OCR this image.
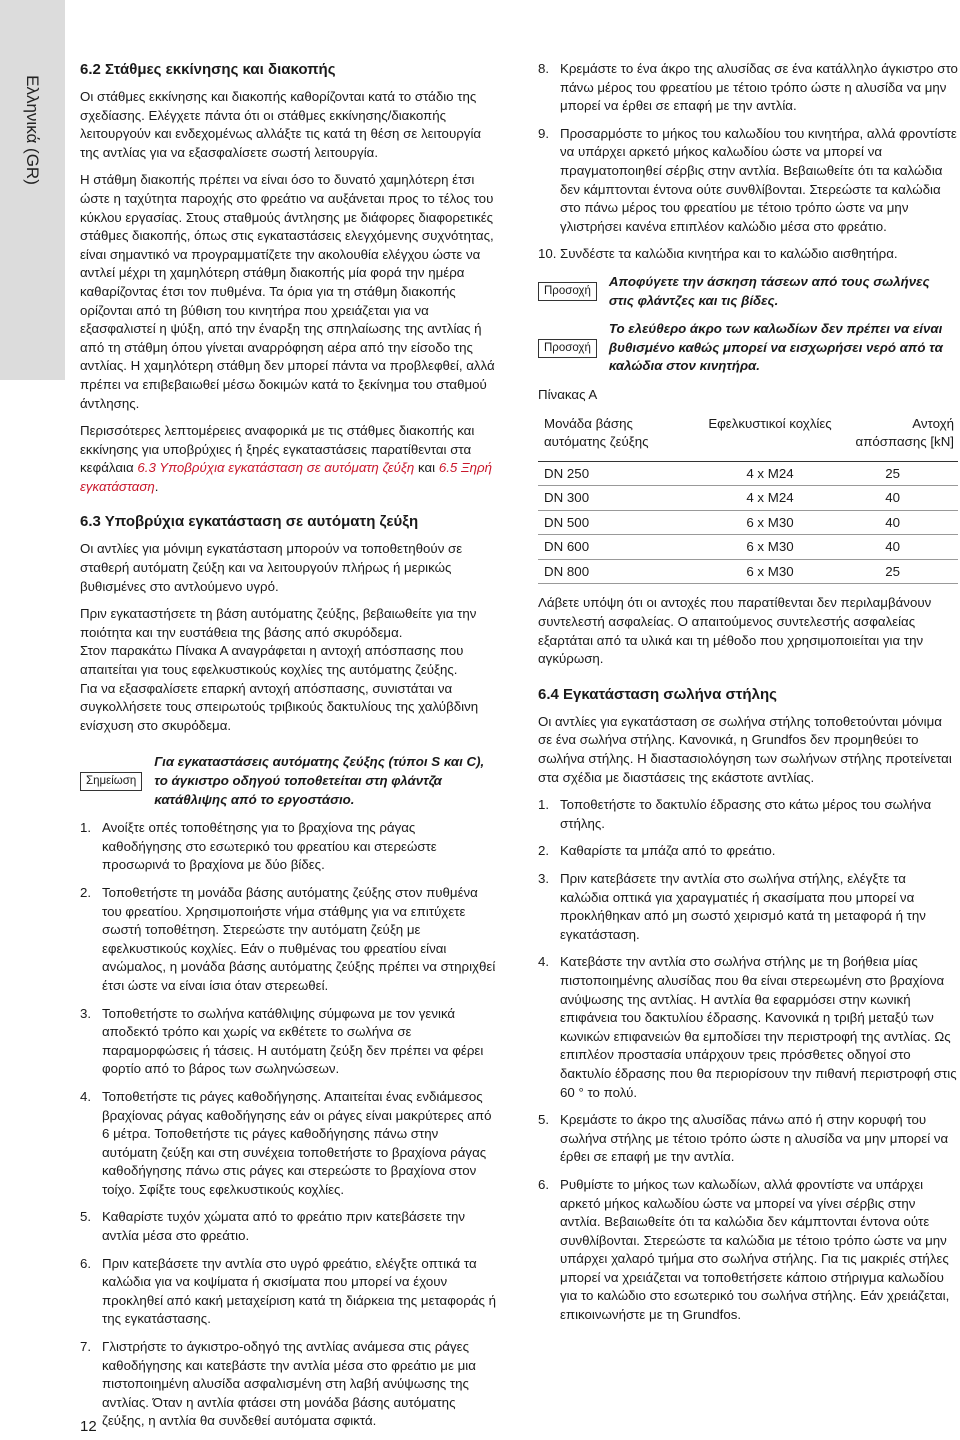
Ελληνικά (GR)
6.2 Στάθμες εκκίνησης και διακοπής

Οι στάθμες εκκίνησης και διακοπής καθορίζονται κατά το στάδιο της σχεδίασης. Ελέγχετε πάντα ότι οι στάθμες εκκίνησης/διακοπής λειτουργούν και ενδεχομένως αλλάξτε τις κατά τη θέση σε λειτουργία της αντλίας για να εξασφαλίσετε σωστή λειτουργία.

Η στάθμη διακοπής πρέπει να είναι όσο το δυνατό χαμηλότερη έτσι ώστε η ταχύτητα παροχής στο φρεάτιο να αυξάνεται προς το τέλος του κύκλου εργασίας. Στους σταθμούς άντλησης με διάφορες διαφορετικές στάθμες διακοπής, όπως στις εγκαταστάσεις ελεγχόμενης συχνότητας, είναι σημαντικό να προγραμματίζετε την ακολουθία ελέγχου ώστε να αντλεί μέχρι τη χαμηλότερη στάθμη διακοπής μία φορά την ημέρα καθαρίζοντας έτσι τον πυθμένα. Τα όρια για τη στάθμη διακοπής ορίζονται από τη βύθιση του κινητήρα που χρειάζεται για να εξασφαλιστεί η ψύξη, από την έναρξη της σπηλαίωσης της αντλίας ή από τη στάθμη όπου γίνεται αναρρόφηση αέρα από την είσοδο της αντλίας. Η χαμηλότερη στάθμη δεν μπορεί πάντα να προβλεφθεί, αλλά πρέπει να επιβεβαιωθεί μέσω δοκιμών κατά το ξεκίνημα του σταθμού άντλησης.

Περισσότερες λεπτομέρειες αναφορικά με τις στάθμες διακοπής και εκκίνησης για υποβρύχιες ή ξηρές εγκαταστάσεις παρατίθενται στα κεφάλαια 6.3 Υποβρύχια εγκατάσταση σε αυτόματη ζεύξη και 6.5 Ξηρή εγκατάσταση.

6.3 Υποβρύχια εγκατάσταση σε αυτόματη ζεύξη

Οι αντλίες για μόνιμη εγκατάσταση μπορούν να τοποθετηθούν σε σταθερή αυτόματη ζεύξη και να λειτουργούν πλήρως ή μερικώς βυθισμένες στο αντλούμενο υγρό.

Πριν εγκαταστήσετε τη βάση αυτόματης ζεύξης, βεβαιωθείτε για την ποιότητα και την ευστάθεια της βάσης από σκυρόδεμα.

Στον παρακάτω Πίνακα Α αναγράφεται η αντοχή απόσπασης που απαιτείται για τους εφελκυστικούς κοχλίες της αυτόματης ζεύξης.

Για να εξασφαλίσετε επαρκή αντοχή απόσπασης, συνιστάται να συγκολλήσετε τους σπειρωτούς τριβικούς δακτυλίους της χαλύβδινη ενίσχυση στο σκυρόδεμα.

Σημείωση
Για εγκαταστάσεις αυτόματης ζεύξης (τύποι S και C), το άγκιστρο οδηγού τοποθετείται στη φλάντζα κατάθλιψης από το εργοστάσιο.
1. Ανοίξτε οπές τοποθέτησης για το βραχίονα της ράγας καθοδήγησης στο εσωτερικό του φρεατίου και στερεώστε προσωρινά το βραχίονα με δύο βίδες.
2. Τοποθετήστε τη μονάδα βάσης αυτόματης ζεύξης στον πυθμένα του φρεατίου. Χρησιμοποιήστε νήμα στάθμης για να επιτύχετε σωστή τοποθέτηση. Στερεώστε την αυτόματη ζεύξη με εφελκυστικούς κοχλίες. Εάν ο πυθμένας του φρεατίου είναι ανώμαλος, η μονάδα βάσης αυτόματης ζεύξης πρέπει να στηριχθεί έτσι ώστε να είναι ίσια όταν στερεωθεί.
3. Τοποθετήστε το σωλήνα κατάθλιψης σύμφωνα με τον γενικά αποδεκτό τρόπο και χωρίς να εκθέτετε το σωλήνα σε παραμορφώσεις ή τάσεις. Η αυτόματη ζεύξη δεν πρέπει να φέρει φορτίο από το βάρος των σωληνώσεων.
4. Τοποθετήστε τις ράγες καθοδήγησης. Απαιτείται ένας ενδιάμεσος βραχίονας ράγας καθοδήγησης εάν οι ράγες είναι μακρύτερες από 6 μέτρα. Τοποθετήστε τις ράγες καθοδήγησης πάνω στην αυτόματη ζεύξη και στη συνέχεια τοποθετήστε το βραχίονα ράγας καθοδήγησης πάνω στις ράγες και στερεώστε το βραχίονα στον τοίχο. Σφίξτε τους εφελκυστικούς κοχλίες.
5. Καθαρίστε τυχόν χώματα από το φρεάτιο πριν κατεβάσετε την αντλία μέσα στο φρεάτιο.
6. Πριν κατεβάσετε την αντλία στο υγρό φρεάτιο, ελέγξτε οπτικά τα καλώδια για να κοψίματα ή σκισίματα που μπορεί να έχουν προκληθεί από κακή μεταχείριση κατά τη διάρκεια της μεταφοράς ή της εγκατάστασης.
7. Γλιστρήστε το άγκιστρο-οδηγό της αντλίας ανάμεσα στις ράγες καθοδήγησης και κατεβάστε την αντλία μέσα στο φρεάτιο με μια πιστοποιημένη αλυσίδα ασφαλισμένη στη λαβή ανύψωσης της αντλίας. Όταν η αντλία φτάσει στη μονάδα βάσης αυτόματης ζεύξης, η αντλία θα συνδεθεί αυτόματα σφικτά.
8. Κρεμάστε το ένα άκρο της αλυσίδας σε ένα κατάλληλο άγκιστρο στο πάνω μέρος του φρεατίου με τέτοιο τρόπο ώστε η αλυσίδα να μην μπορεί να έρθει σε επαφή με την αντλία.
9. Προσαρμόστε το μήκος του καλωδίου του κινητήρα, αλλά φροντίστε να υπάρχει αρκετό μήκος καλωδίου ώστε να μπορεί να πραγματοποιηθεί σέρβις στην αντλία. Βεβαιωθείτε ότι τα καλώδια δεν κάμπτονται έντονα ούτε συνθλίβονται. Στερεώστε τα καλώδια στο πάνω μέρος του φρεατίου με τέτοιο τρόπο ώστε να μην γλιστρήσει κανένα επιπλέον καλώδιο μέσα στο φρεάτιο.
10. Συνδέστε τα καλώδια κινητήρα και το καλώδιο αισθητήρα.
Προσοχή
Αποφύγετε την άσκηση τάσεων από τους σωλήνες στις φλάντζες και τις βίδες.
Προσοχή
Το ελεύθερο άκρο των καλωδίων δεν πρέπει να είναι βυθισμένο καθώς μπορεί να εισχωρήσει νερό από τα καλώδια στον κινητήρα.
Πίνακας Α
Μονάδα βάσης αυτόματης ζεύξης	Εφελκυστικοί κοχλίες	Αντοχή απόσπασης [kN]
DN 250	4 x M24	25
DN 300	4 x M24	40
DN 500	6 x M30	40
DN 600	6 x M30	40
DN 800	6 x M30	25

Λάβετε υπόψη ότι οι αντοχές που παρατίθενται δεν περιλαμβάνουν συντελεστή ασφαλείας. Ο απαιτούμενος συντελεστής ασφαλείας εξαρτάται από τα υλικά και τη μέθοδο που χρησιμοποιείται για την αγκύρωση.

6.4 Εγκατάσταση σωλήνα στήλης

Οι αντλίες για εγκατάσταση σε σωλήνα στήλης τοποθετούνται μόνιμα σε ένα σωλήνα στήλης. Κανονικά, η Grundfos δεν προμηθεύει το σωλήνα στήλης. Η διαστασιολόγηση των σωλήνων στήλης προτείνεται στα σχέδια με διαστάσεις της εκάστοτε αντλίας.

1. Τοποθετήστε το δακτυλίο έδρασης στο κάτω μέρος του σωλήνα στήλης.
2. Καθαρίστε τα μπάζα από το φρεάτιο.
3. Πριν κατεβάσετε την αντλία στο σωλήνα στήλης, ελέγξτε τα καλώδια οπτικά για χαραγματιές ή σκασίματα που μπορεί να προκλήθηκαν από μη σωστό χειρισμό κατά τη μεταφορά ή την εγκατάσταση.
4. Κατεβάστε την αντλία στο σωλήνα στήλης με τη βοήθεια μίας πιστοποιημένης αλυσίδας που θα είναι στερεωμένη στο βραχίονα ανύψωσης της αντλίας. Η αντλία θα εφαρμόσει στην κωνική επιφάνεια του δακτυλίου έδρασης. Κανονικά η τριβή μεταξύ των κωνικών επιφανειών θα εμποδίσει την περιστροφή της αντλίας. Ως επιπλέον προστασία υπάρχουν τρεις πρόσθετες οδηγοί στο δακτυλίο έδρασης που θα περιορίσουν την πιθανή περιστροφή στις 60 ° το πολύ.
5. Κρεμάστε το άκρο της αλυσίδας πάνω από ή στην κορυφή του σωλήνα στήλης με τέτοιο τρόπο ώστε η αλυσίδα να μην μπορεί να έρθει σε επαφή με την αντλία.
6. Ρυθμίστε το μήκος των καλωδίων, αλλά φροντίστε να υπάρχει αρκετό μήκος καλωδίου ώστε να μπορεί να γίνει σέρβις στην αντλία. Βεβαιωθείτε ότι τα καλώδια δεν κάμπτονται έντονα ούτε συνθλίβονται. Στερεώστε τα καλώδια με τέτοιο τρόπο ώστε να μην υπάρχει χαλαρό τμήμα στο σωλήνα στήλης. Για τις μακριές στήλες μπορεί να χρειάζεται να τοποθετήσετε κάποιο στήριγμα καλωδίου για το καλώδιο στο εσωτερικό του σωλήνα στήλης. Εάν χρειάζεται, επικοινωνήστε με τη Grundfos.
12
